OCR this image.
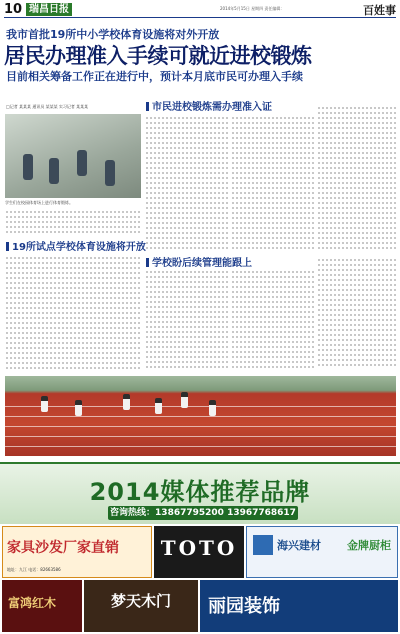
10 瑞昌日报	2014年5月15日 星期四 责任编辑：	百姓事
我市首批19所中小学校体育设施将对外开放
居民办理准入手续可就近进校锻炼
目前相关筹备工作正在进行中，预计本月底市民可办理入手续
□记者 某某某 通讯员 某某某 实习记者 某某某
学生们在校园体育场上进行体育锻炼。
19所试点学校体育设施将开放
市民进校锻炼需办理准入证
学校盼后续管理能跟上
2014媒体推荐品牌
咨询热线：13867795200 13967768617
家具沙发厂家直销
地址：九江 电话：82663586
TOTO	海兴建材 金牌厨柜
富鸿红木	梦天木门	丽园装饰
